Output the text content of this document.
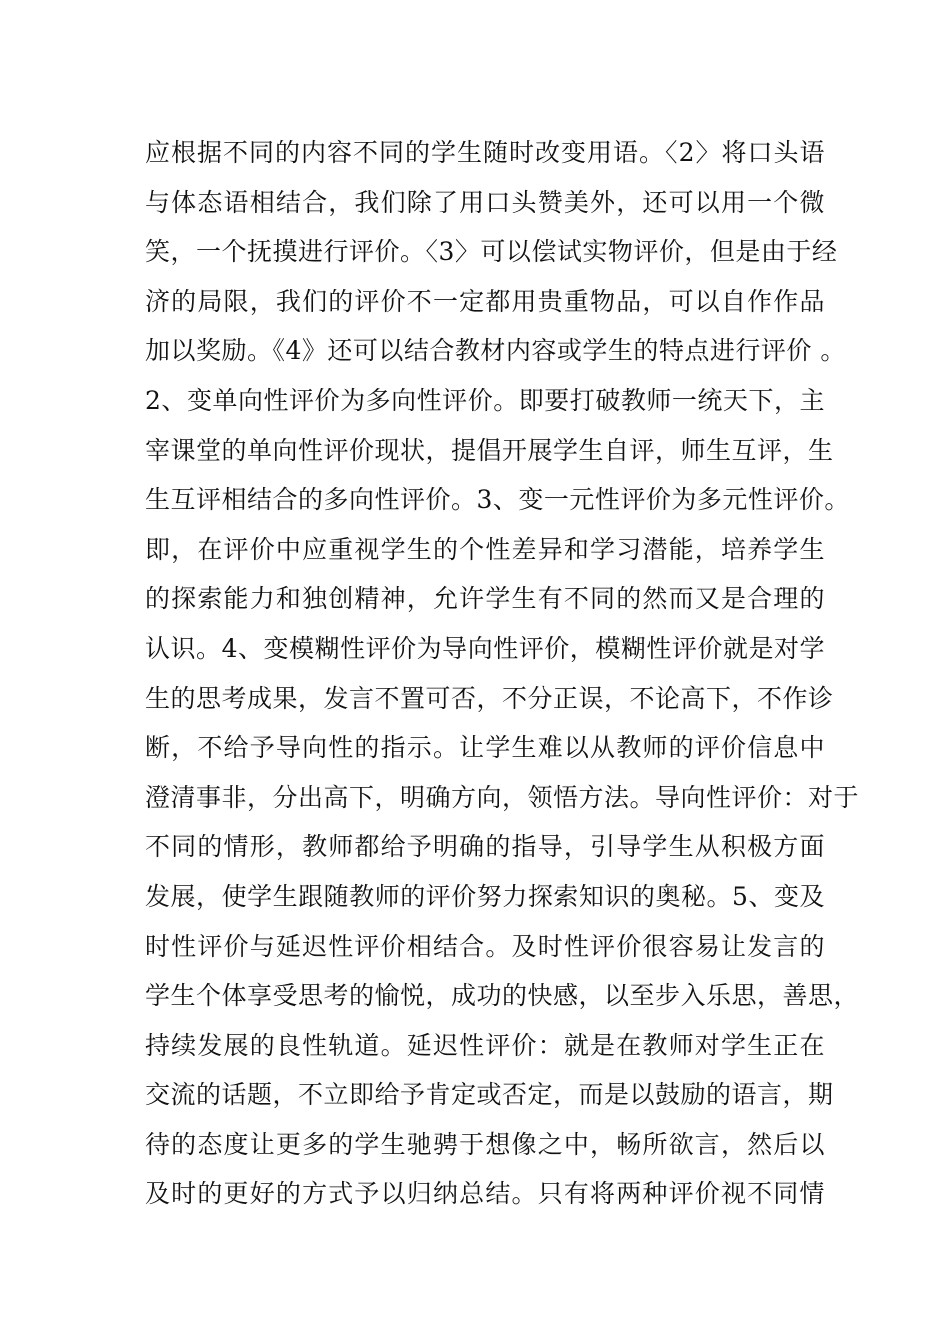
应根据不同的内容不同的学生随时改变用语。〈2〉将口头语
与体态语相结合，我们除了用口头赞美外，还可以用一个微
笑，一个抚摸进行评价。〈3〉可以偿试实物评价，但是由于经
济的局限，我们的评价不一定都用贵重物品，可以自作作品
加以奖励。《4》还可以结合教材内容或学生的特点进行评价 。
2、变单向性评价为多向性评价。即要打破教师一统天下，主
宰课堂的单向性评价现状，提倡开展学生自评，师生互评，生
生互评相结合的多向性评价。3、变一元性评价为多元性评价。
即，在评价中应重视学生的个性差异和学习潜能，培养学生
的探索能力和独创精神，允许学生有不同的然而又是合理的
认识。4、变模糊性评价为导向性评价，模糊性评价就是对学
生的思考成果，发言不置可否，不分正误，不论高下，不作诊
断，不给予导向性的指示。让学生难以从教师的评价信息中
澄清事非，分出高下，明确方向，领悟方法。导向性评价：对于
不同的情形，教师都给予明确的指导，引导学生从积极方面
发展，使学生跟随教师的评价努力探索知识的奥秘。5、变及
时性评价与延迟性评价相结合。及时性评价很容易让发言的
学生个体享受思考的愉悦，成功的快感，以至步入乐思，善思，
持续发展的良性轨道。延迟性评价：就是在教师对学生正在
交流的话题，不立即给予肯定或否定，而是以鼓励的语言，期
待的态度让更多的学生驰骋于想像之中，畅所欲言，然后以
及时的更好的方式予以归纳总结。只有将两种评价视不同情
